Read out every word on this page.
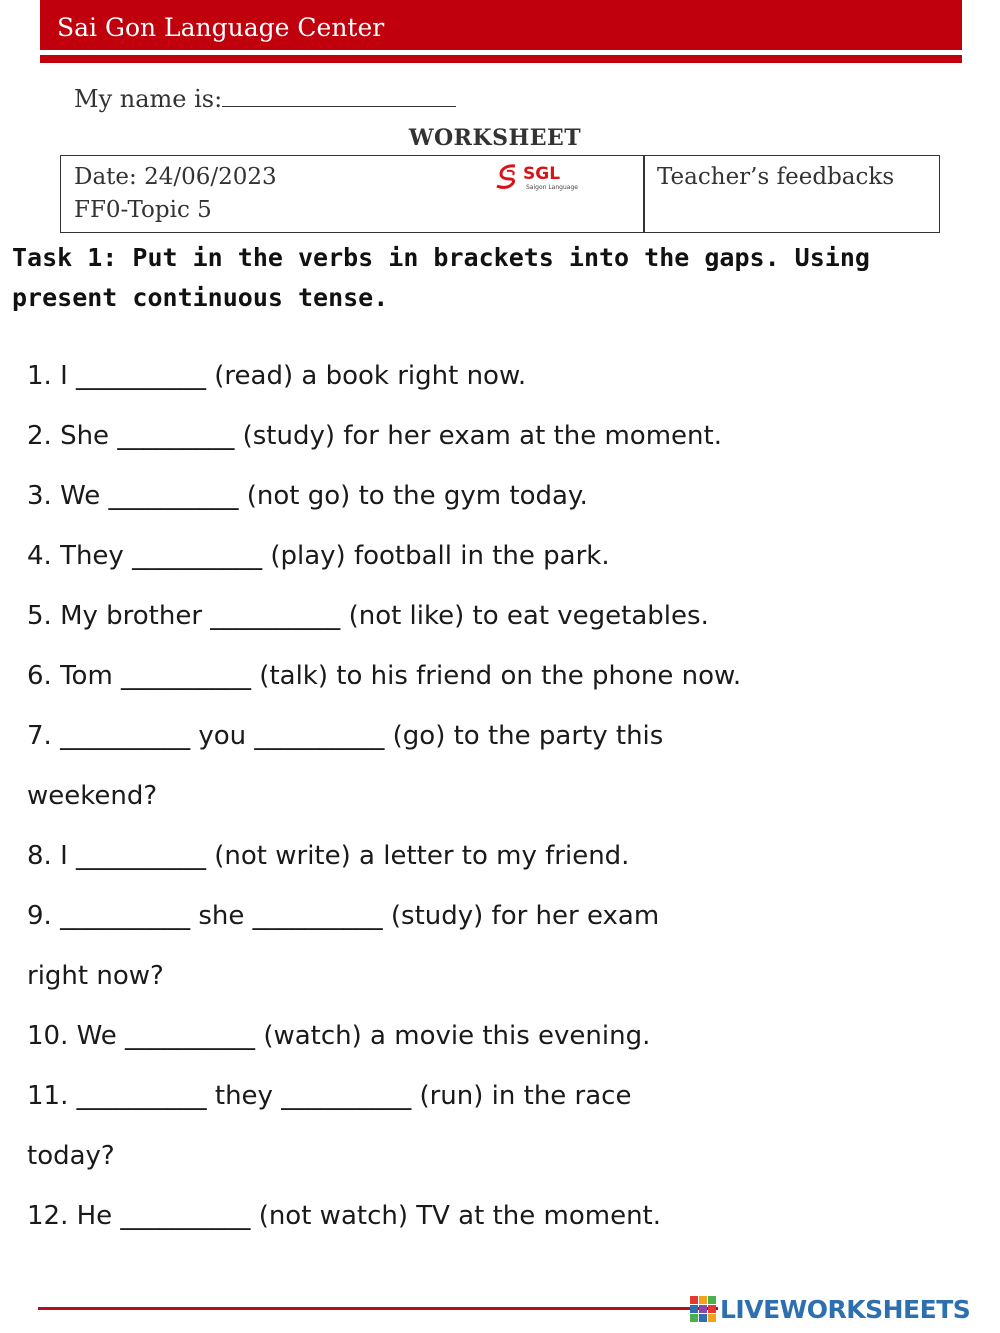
Sai Gon Language Center
My name is:
WORKSHEET
Date: 24/06/2023
FF0-Topic 5
SGL
Saigon Language	Teacher’s feedbacks
Task 1: Put in the verbs in brackets into the gaps. Using present continuous tense.
1. I __________ (read) a book right now.
2. She _________ (study) for her exam at the moment.
3. We __________ (not go) to the gym today.
4. They __________ (play) football in the park.
5. My brother __________ (not like) to eat vegetables.
6. Tom __________ (talk) to his friend on the phone now.
7. __________ you __________ (go) to the party this
weekend?
8. I __________ (not write) a letter to my friend.
9. __________ she __________ (study) for her exam
right now?
10. We __________ (watch) a movie this evening.
11. __________ they __________ (run) in the race
today?
12. He __________ (not watch) TV at the moment.
LIVEWORKSHEETS
